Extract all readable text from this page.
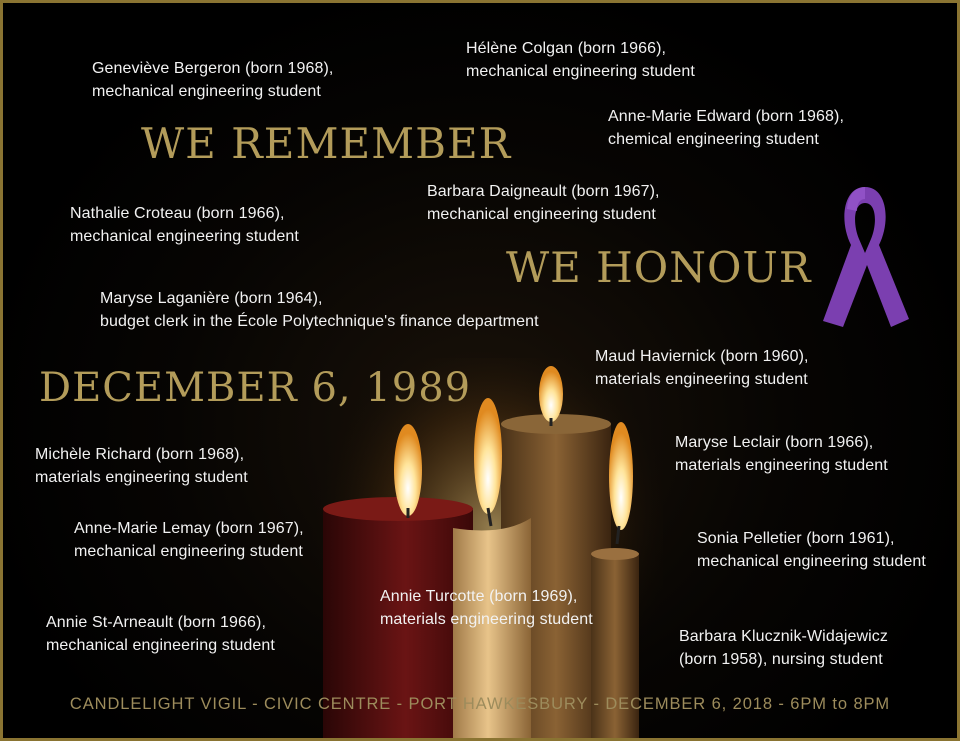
WE REMEMBER
WE HONOUR
DECEMBER 6, 1989
Geneviève Bergeron (born 1968),
mechanical engineering student
Hélène Colgan (born 1966),
mechanical engineering student
Anne-Marie Edward (born 1968),
chemical engineering student
Barbara Daigneault (born 1967),
mechanical engineering student
Nathalie Croteau (born 1966),
mechanical engineering student
Maryse Laganière (born 1964),
budget clerk in the École Polytechnique's finance department
Maud Haviernick (born 1960),
materials engineering student
Michèle Richard (born 1968),
materials engineering student
Maryse Leclair (born 1966),
materials engineering student
Anne-Marie Lemay (born 1967),
mechanical engineering student
Sonia Pelletier (born 1961),
mechanical engineering student
Annie Turcotte (born 1969),
materials engineering student
Annie St-Arneault (born 1966),
mechanical engineering student
Barbara Klucznik-Widajewicz
(born 1958), nursing student
CANDLELIGHT VIGIL - CIVIC CENTRE - PORT HAWKESBURY - DECEMBER 6, 2018 - 6PM to 8PM
